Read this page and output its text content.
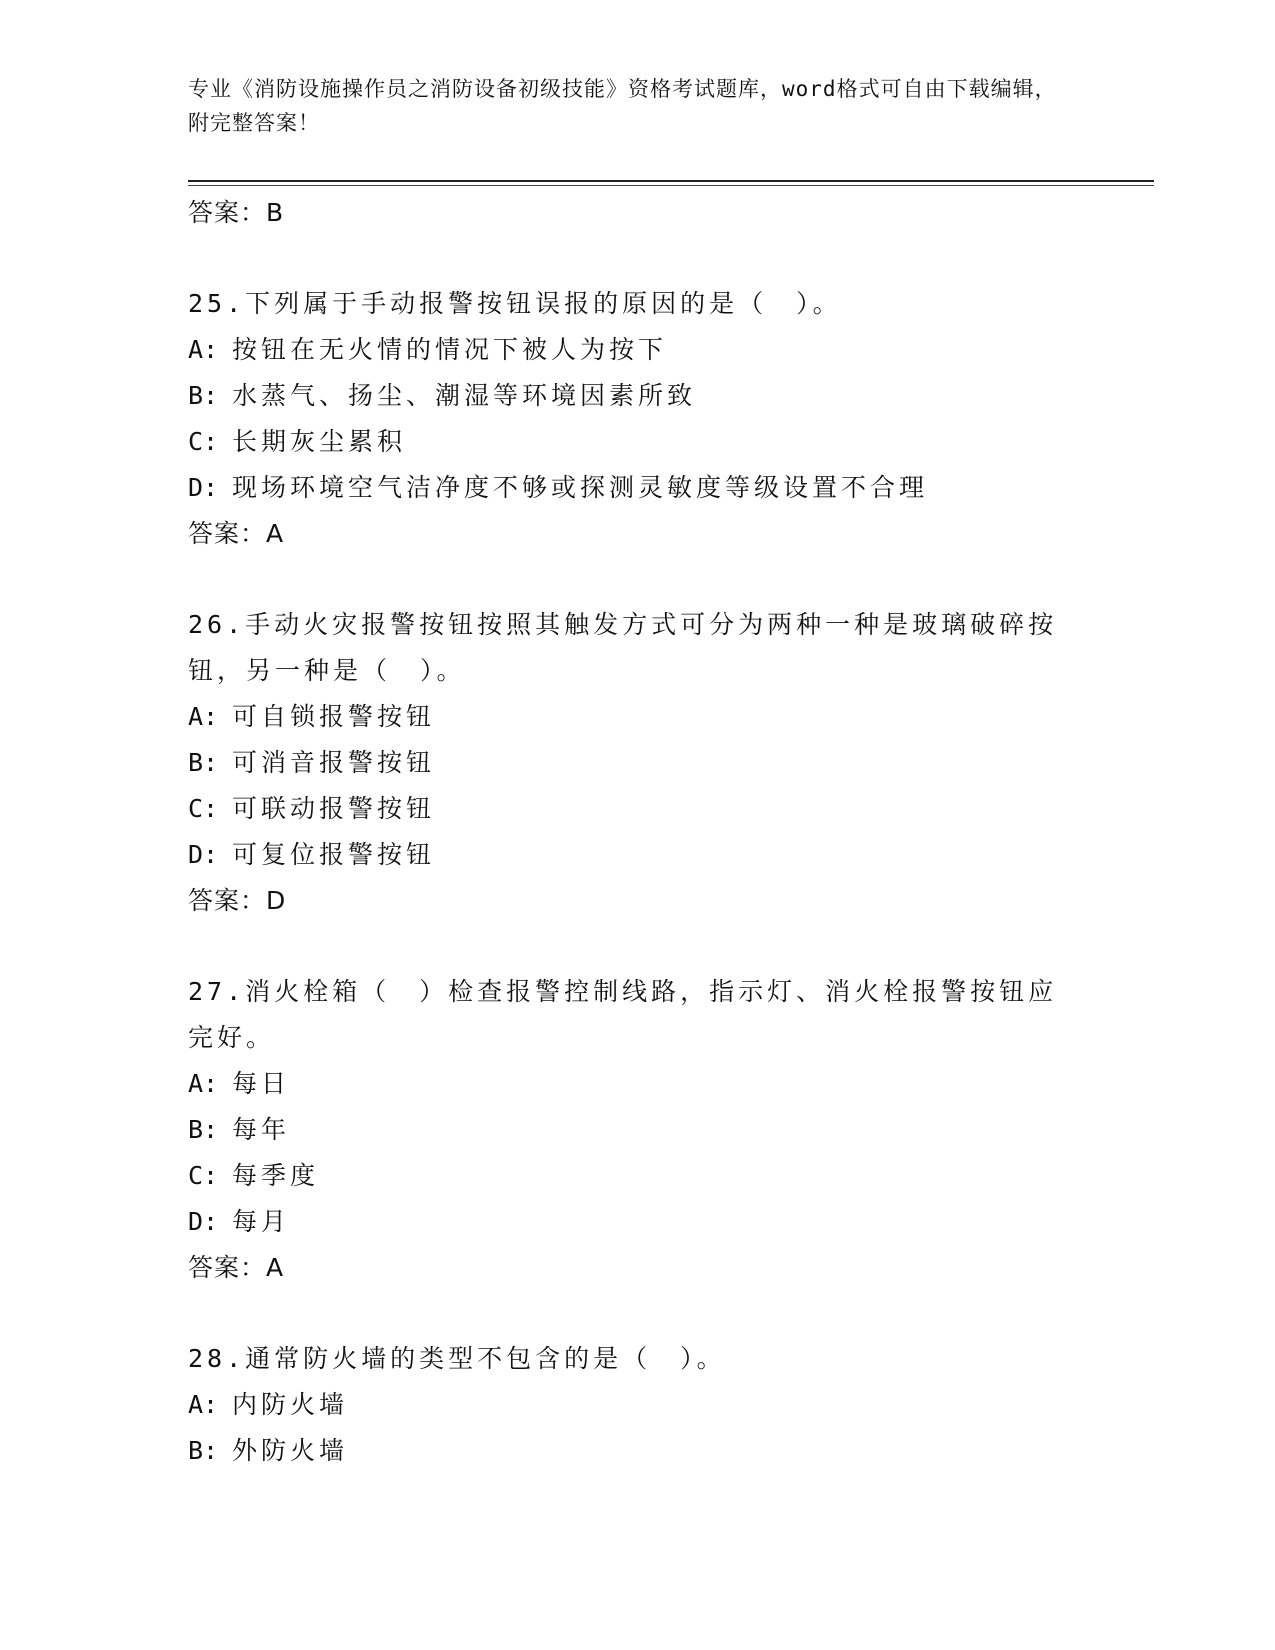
专业《消防设施操作员之消防设备初级技能》资格考试题库，word格式可自由下载编辑，附完整答案！
答案：B
25.下列属于手动报警按钮误报的原因的是（　）。
A: 按钮在无火情的情况下被人为按下
B: 水蒸气、扬尘、潮湿等环境因素所致
C: 长期灰尘累积
D: 现场环境空气洁净度不够或探测灵敏度等级设置不合理
答案：A
26.手动火灾报警按钮按照其触发方式可分为两种一种是玻璃破碎按钮，另一种是（　）。
A: 可自锁报警按钮
B: 可消音报警按钮
C: 可联动报警按钮
D: 可复位报警按钮
答案：D
27.消火栓箱（　）检查报警控制线路，指示灯、消火栓报警按钮应完好。
A: 每日
B: 每年
C: 每季度
D: 每月
答案：A
28.通常防火墙的类型不包含的是（　）。
A: 内防火墙
B: 外防火墙
